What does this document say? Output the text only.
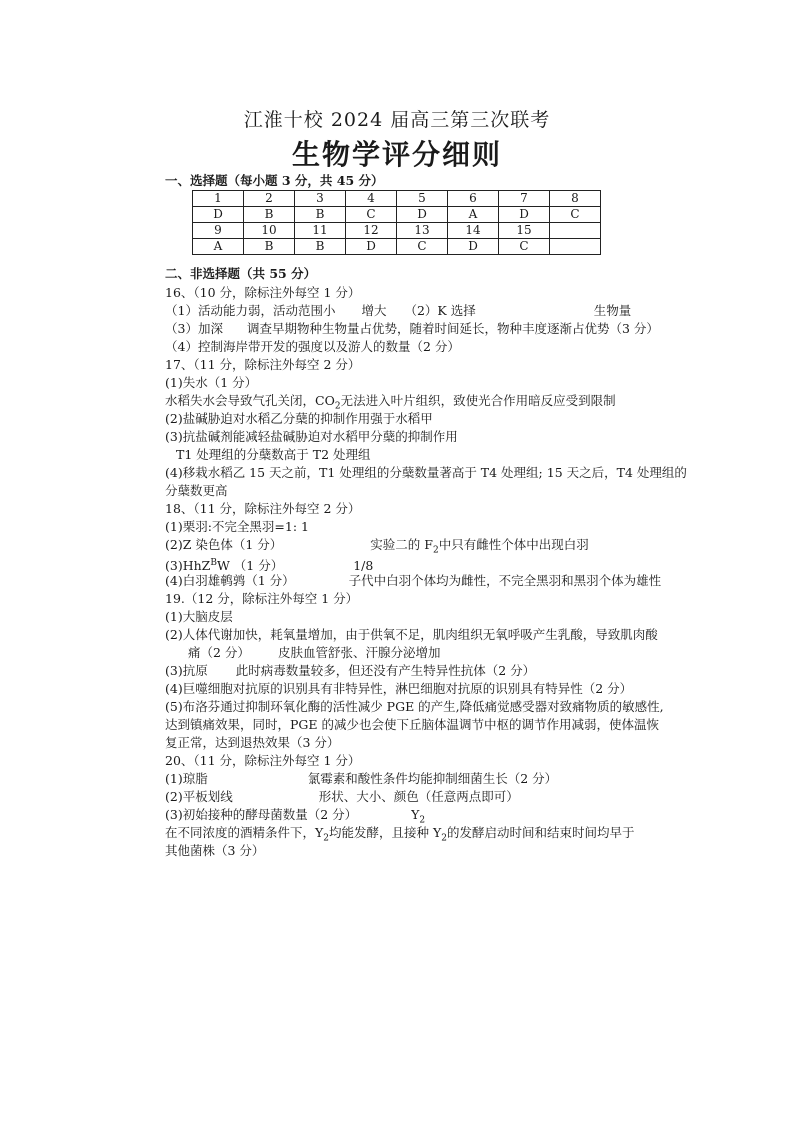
江淮十校 2024 届高三第三次联考
生物学评分细则
一、选择题（每小题 3 分，共 45 分）
1	2	3	4	5	6	7	8
D	B	B	C	D	A	D	C
9	10	11	12	13	14	15	
A	B	B	D	C	D	C	
二、非选择题（共 55 分）
16、（10 分，除标注外每空 1 分）
（1）活动能力弱，活动范围小 增大 （2）K 选择	生物量
（3）加深 调查早期物种生物量占优势，随着时间延长，物种丰度逐渐占优势（3 分）
（4）控制海岸带开发的强度以及游人的数量（2 分）
17、（11 分，除标注外每空 2 分）
(1)失水（1 分）
水稻失水会导致气孔关闭，$CO_2$无法进入叶片组织，致使光合作用暗反应受到限制
(2)盐碱胁迫对水稻乙分蘖的抑制作用强于水稻甲
(3)抗盐碱剂能减轻盐碱胁迫对水稻甲分蘖的抑制作用
T1 处理组的分蘖数高于 T2 处理组
(4)移栽水稻乙 15 天之前，T1 处理组的分蘖数量著高于 T4 处理组; 15 天之后，T4 处理组的
分蘖数更高
18、（11 分，除标注外每空 2 分）
(1)栗羽:不完全黑羽=1: 1
(2)Z 染色体（1 分）	实验二的 $F_2$中只有雌性个体中出现白羽
(3)HhZ$^B$W （1 分）	1/8
(4)白羽雄鹌鹑（1 分）	子代中白羽个体均为雌性，不完全黑羽和黑羽个体为雄性
19.（12 分，除标注外每空 1 分）
(1)大脑皮层
(2)人体代谢加快，耗氧量增加，由于供氧不足，肌肉组织无氧呼吸产生乳酸，导致肌肉酸
痛（2 分） 皮肤血管舒张、汗腺分泌增加
(3)抗原 此时病毒数量较多，但还没有产生特异性抗体（2 分）
(4)巨噬细胞对抗原的识别具有非特异性，淋巴细胞对抗原的识别具有特异性（2 分）
(5)布洛芬通过抑制环氧化酶的活性减少 PGE 的产生,降低痛觉感受器对致痛物质的敏感性,
达到镇痛效果，同时，PGE 的减少也会使下丘脑体温调节中枢的调节作用减弱，使体温恢
复正常，达到退热效果（3 分）
20、（11 分，除标注外每空 1 分）
(1)琼脂	氯霉素和酸性条件均能抑制细菌生长（2 分）
(2)平板划线	形状、大小、颜色（任意两点即可）
(3)初始接种的酵母菌数量（2 分）	$Y_2$
在不同浓度的酒精条件下，$Y_2$均能发酵，且接种 $Y_2$的发酵启动时间和结束时间均早于
其他菌株（3 分）
